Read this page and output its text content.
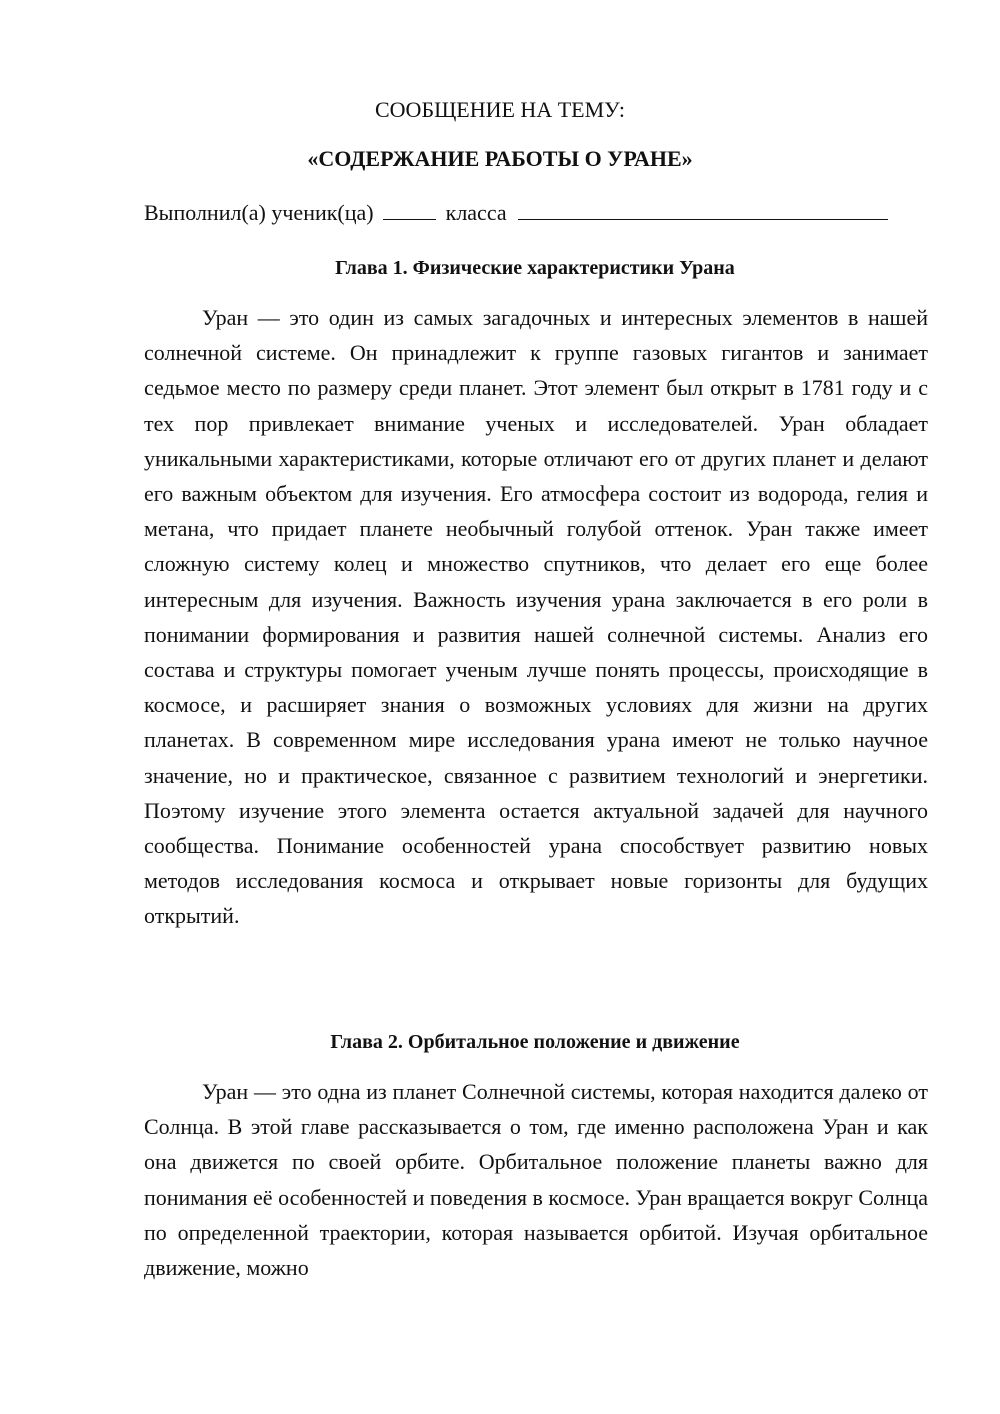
СООБЩЕНИЕ НА ТЕМУ:
«СОДЕРЖАНИЕ РАБОТЫ О УРАНЕ»
Выполнил(а) ученик(ца)	класса
Глава 1. Физические характеристики Урана

Уран — это один из самых загадочных и интересных элементов в нашей солнечной системе. Он принадлежит к группе газовых гигантов и занимает седьмое место по размеру среди планет. Этот элемент был открыт в 1781 году и с тех пор привлекает внимание ученых и исследователей. Уран обладает уникальными характеристиками, которые отличают его от других планет и делают его важным объектом для изучения. Его атмосфера состоит из водорода, гелия и метана, что придает планете необычный голубой оттенок. Уран также имеет сложную систему колец и множество спутников, что делает его еще более интересным для изучения. Важность изучения урана заключается в его роли в понимании формирования и развития нашей солнечной системы. Анализ его состава и структуры помогает ученым лучше понять процессы, происходящие в космосе, и расширяет знания о возможных условиях для жизни на других планетах. В современном мире исследования урана имеют не только научное значение, но и практическое, связанное с развитием технологий и энергетики. Поэтому изучение этого элемента остается актуальной задачей для научного сообщества. Понимание особенностей урана способствует развитию новых методов исследования космоса и открывает новые горизонты для будущих открытий.

Глава 2. Орбитальное положение и движение

Уран — это одна из планет Солнечной системы, которая находится далеко от Солнца. В этой главе рассказывается о том, где именно расположена Уран и как она движется по своей орбите. Орбитальное положение планеты важно для понимания её особенностей и поведения в космосе. Уран вращается вокруг Солнца по определенной траектории, которая называется орбитой. Изучая орбитальное движение, можно
